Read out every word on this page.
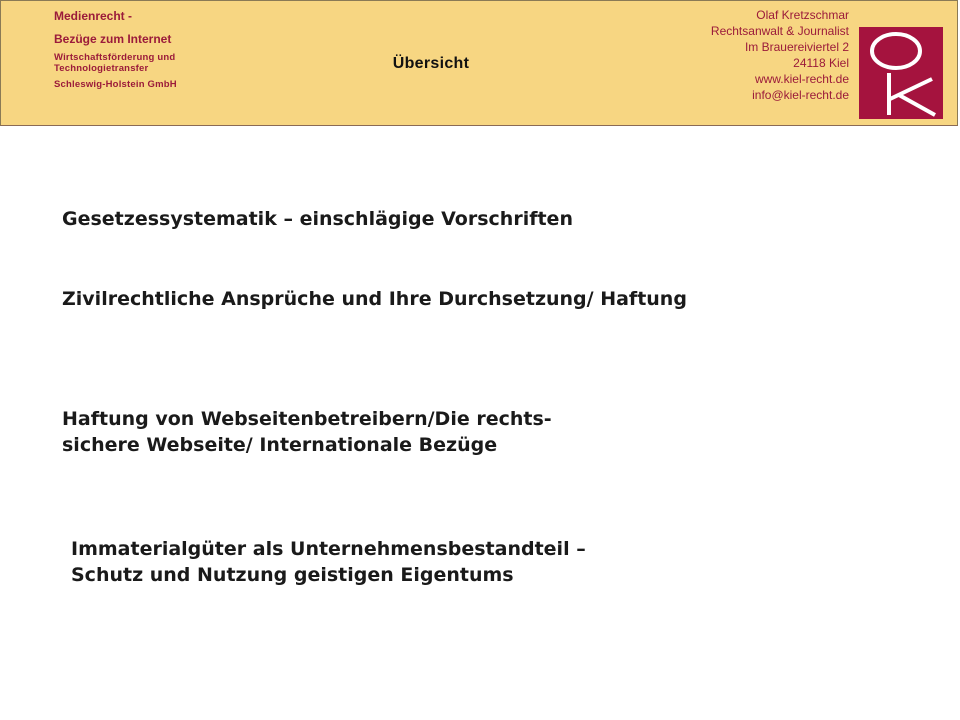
Medienrecht -
Bezüge zum Internet
Wirtschaftsförderung und Technologietransfer
Schleswig-Holstein GmbH
Übersicht
Olaf Kretzschmar
Rechtsanwalt & Journalist
Im Brauereiviertel 2
24118 Kiel
www.kiel-recht.de
info@kiel-recht.de
Gesetzessystematik – einschlägige Vorschriften
Zivilrechtliche Ansprüche und Ihre Durchsetzung/ Haftung
Haftung von Webseitenbetreibern/Die rechts-
sichere Webseite/ Internationale Bezüge
Immaterialgüter als Unternehmensbestandteil –
Schutz und Nutzung geistigen Eigentums
